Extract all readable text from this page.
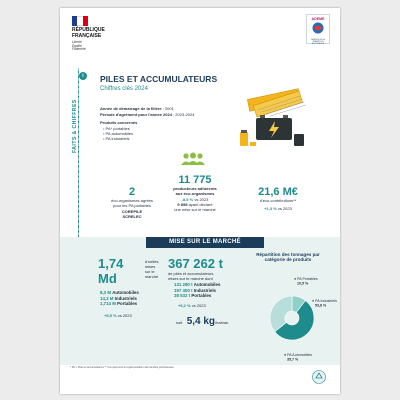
RÉPUBLIQUE
FRANÇAISE
Liberté
Égalité
Fraternité
ADEME
AGENCE DE LA TRANSITION ÉCOLOGIQUE
i
FAITS & CHIFFRES
PILES ET ACCUMULATEURS
Chiffres clés 2024
Année de démarrage de la filière : 2001
Période d'agrément pour l'année 2024 : 2023-2024
Produits concernés
• PA* portables
• PA automobiles
• PA industriels
2
éco-organismes agréés
pour les PA portables
COREPILE
SCRELEC
11 775
producteurs adhérents
aux éco-organismes
-8,5 % vs 2023
9 898 ayant déclaré
une mise sur le marché
21,6 M€
d'éco-contributions**
+1,3 % vs 2023
MISE SUR LE MARCHÉ
1,74 Md
d'unités mises
sur le marché
8,3 M Automobiles
14,3 M Industriels
1,714 M Portables
+5,5 % vs 2023
367 262 t
de piles et accumulateurs
mises sur le marché dont
131 280 t Automobiles
197 400 t Industriels
38 532 t Portables
+6,2 % vs 2023
soit 5,4 kg/hab/an
Répartition des tonnages par catégorie de produits
● PA Portables
10,5 %
● PA Industriels
53,8 %
● PA Automobiles
35,7 %
* PA = Piles et accumulateurs ** Comprennent le règlementation des familles préfinancées
